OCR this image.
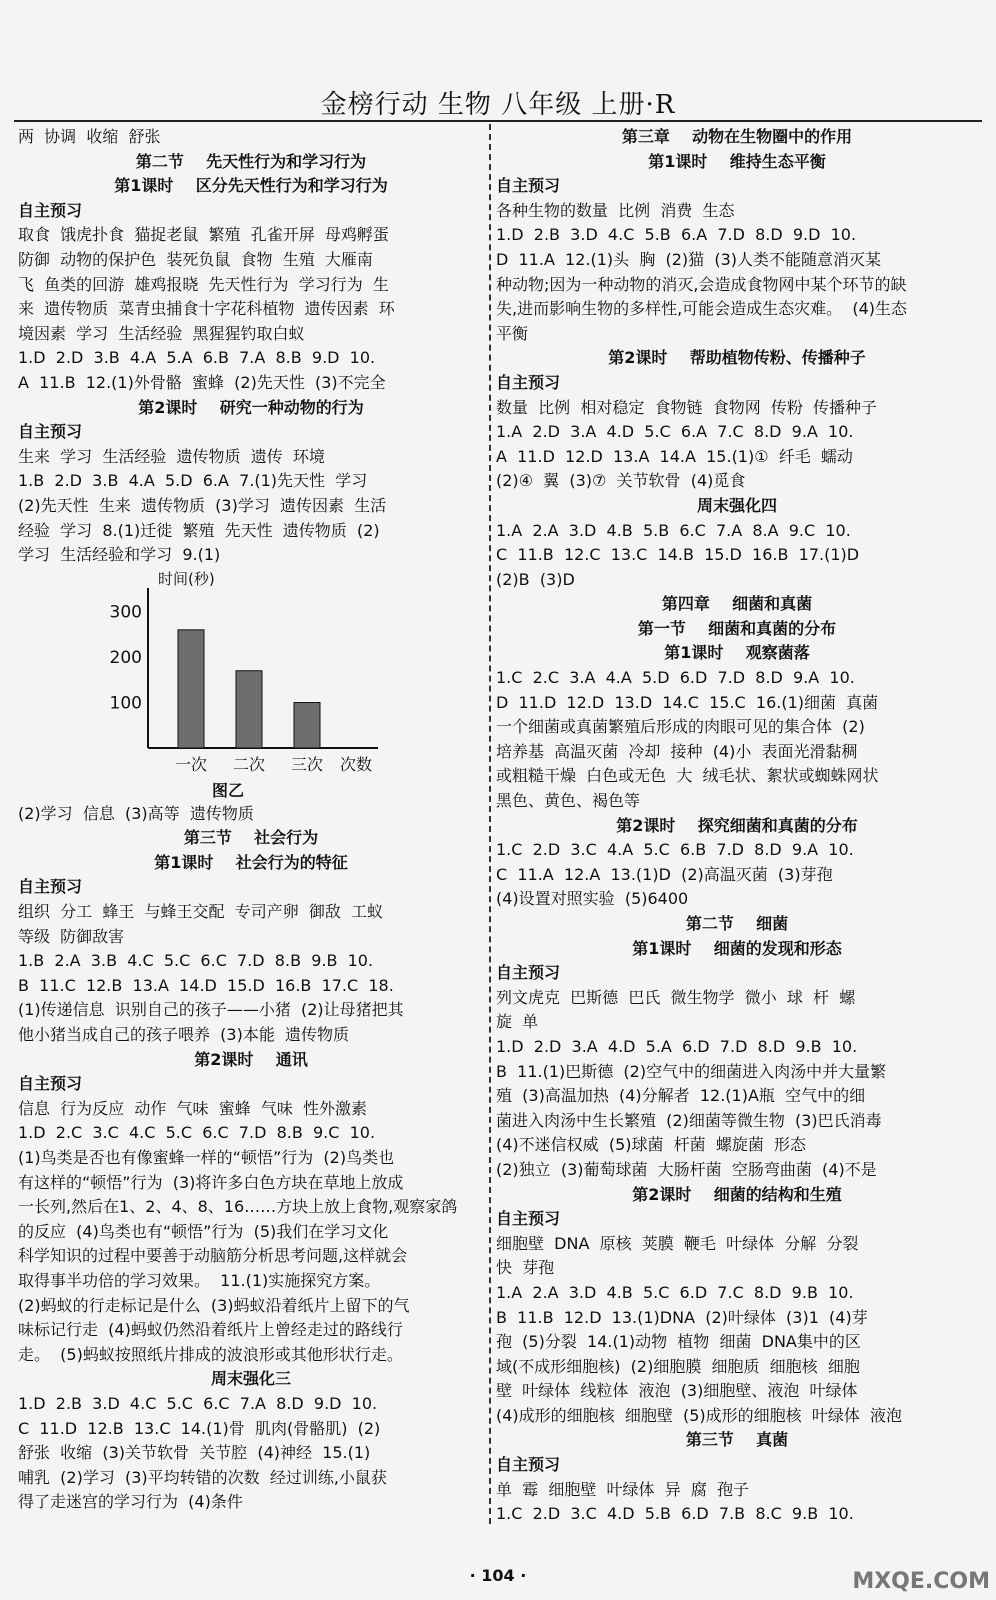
金榜行动 生物 八年级 上册·R
两  协调  收缩  舒张
第二节    先天性行为和学习行为
第1课时    区分先天性行为和学习行为
自主预习
取食  饿虎扑食  猫捉老鼠  繁殖  孔雀开屏  母鸡孵蛋
防御  动物的保护色  装死负鼠  食物  生殖  大雁南
飞  鱼类的回游  雄鸡报晓  先天性行为  学习行为  生
来  遗传物质  菜青虫捕食十字花科植物  遗传因素  环
境因素  学习  生活经验  黑猩猩钓取白蚁
1.D  2.D  3.B  4.A  5.A  6.B  7.A  8.B  9.D  10.
A  11.B  12.(1)外骨骼  蜜蜂  (2)先天性  (3)不完全
第2课时    研究一种动物的行为
自主预习
生来  学习  生活经验  遗传物质  遗传  环境
1.B  2.D  3.B  4.A  5.D  6.A  7.(1)先天性  学习
(2)先天性  生来  遗传物质  (3)学习  遗传因素  生活
经验  学习  8.(1)迁徙  繁殖  先天性  遗传物质  (2)
学习  生活经验和学习  9.(1)
时间(秒)
100
200
300
一次 二次 三次 次数
图乙
(2)学习  信息  (3)高等  遗传物质
第三节    社会行为
第1课时    社会行为的特征
自主预习
组织  分工  蜂王  与蜂王交配  专司产卵  御敌  工蚁
等级  防御敌害
1.B  2.A  3.B  4.C  5.C  6.C  7.D  8.B  9.B  10.
B  11.C  12.B  13.A  14.D  15.D  16.B  17.C  18.
(1)传递信息  识别自己的孩子——小猪  (2)让母猪把其
他小猪当成自己的孩子喂养  (3)本能  遗传物质
第2课时    通讯
自主预习
信息  行为反应  动作  气味  蜜蜂  气味  性外激素
1.D  2.C  3.C  4.C  5.C  6.C  7.D  8.B  9.C  10.
(1)鸟类是否也有像蜜蜂一样的“顿悟”行为  (2)鸟类也
有这样的“顿悟”行为  (3)将许多白色方块在草地上放成
一长列,然后在1、2、4、8、16……方块上放上食物,观察家鸽
的反应  (4)鸟类也有“顿悟”行为  (5)我们在学习文化
科学知识的过程中要善于动脑筋分析思考问题,这样就会
取得事半功倍的学习效果。  11.(1)实施探究方案。
(2)蚂蚁的行走标记是什么  (3)蚂蚁沿着纸片上留下的气
味标记行走  (4)蚂蚁仍然沿着纸片上曾经走过的路线行
走。  (5)蚂蚁按照纸片排成的波浪形或其他形状行走。
周末强化三
1.D  2.B  3.D  4.C  5.C  6.C  7.A  8.D  9.D  10.
C  11.D  12.B  13.C  14.(1)骨  肌肉(骨骼肌)  (2)
舒张  收缩  (3)关节软骨  关节腔  (4)神经  15.(1)
哺乳  (2)学习  (3)平均转错的次数  经过训练,小鼠获
得了走迷宫的学习行为  (4)条件
第三章    动物在生物圈中的作用
第1课时    维持生态平衡
自主预习
各种生物的数量  比例  消费  生态
1.D  2.B  3.D  4.C  5.B  6.A  7.D  8.D  9.D  10.
D  11.A  12.(1)头  胸  (2)猫  (3)人类不能随意消灭某
种动物;因为一种动物的消灭,会造成食物网中某个环节的缺
失,进而影响生物的多样性,可能会造成生态灾难。  (4)生态
平衡
第2课时    帮助植物传粉、传播种子
自主预习
数量  比例  相对稳定  食物链  食物网  传粉  传播种子
1.A  2.D  3.A  4.D  5.C  6.A  7.C  8.D  9.A  10.
A  11.D  12.D  13.A  14.A  15.(1)①  纤毛  蠕动
(2)④  翼  (3)⑦  关节软骨  (4)觅食
周末强化四
1.A  2.A  3.D  4.B  5.B  6.C  7.A  8.A  9.C  10.
C  11.B  12.C  13.C  14.B  15.D  16.B  17.(1)D
(2)B  (3)D
第四章    细菌和真菌
第一节    细菌和真菌的分布
第1课时    观察菌落
1.C  2.C  3.A  4.A  5.D  6.D  7.D  8.D  9.A  10.
D  11.D  12.D  13.D  14.C  15.C  16.(1)细菌  真菌
一个细菌或真菌繁殖后形成的肉眼可见的集合体  (2)
培养基  高温灭菌  冷却  接种  (4)小  表面光滑黏稠
或粗糙干燥  白色或无色  大  绒毛状、絮状或蜘蛛网状
黑色、黄色、褐色等
第2课时    探究细菌和真菌的分布
1.C  2.D  3.C  4.A  5.C  6.B  7.D  8.D  9.A  10.
C  11.A  12.A  13.(1)D  (2)高温灭菌  (3)芽孢
(4)设置对照实验  (5)6400
第二节    细菌
第1课时    细菌的发现和形态
自主预习
列文虎克  巴斯德  巴氏  微生物学  微小  球  杆  螺
旋  单
1.D  2.D  3.A  4.D  5.A  6.D  7.D  8.D  9.B  10.
B  11.(1)巴斯德  (2)空气中的细菌进入肉汤中并大量繁
殖  (3)高温加热  (4)分解者  12.(1)A瓶  空气中的细
菌进入肉汤中生长繁殖  (2)细菌等微生物  (3)巴氏消毒
(4)不迷信权威  (5)球菌  杆菌  螺旋菌  形态
(2)独立  (3)葡萄球菌  大肠杆菌  空肠弯曲菌  (4)不是
第2课时    细菌的结构和生殖
自主预习
细胞壁  DNA  原核  荚膜  鞭毛  叶绿体  分解  分裂
快  芽孢
1.A  2.A  3.D  4.B  5.C  6.D  7.C  8.D  9.B  10.
B  11.B  12.D  13.(1)DNA  (2)叶绿体  (3)1  (4)芽
孢  (5)分裂  14.(1)动物  植物  细菌  DNA集中的区
域(不成形细胞核)  (2)细胞膜  细胞质  细胞核  细胞
壁  叶绿体  线粒体  液泡  (3)细胞壁、液泡  叶绿体
(4)成形的细胞核  细胞壁  (5)成形的细胞核  叶绿体  液泡
第三节    真菌
自主预习
单  霉  细胞壁  叶绿体  异  腐  孢子
1.C  2.D  3.C  4.D  5.B  6.D  7.B  8.C  9.B  10.
· 104 ·	MXQE.COM
